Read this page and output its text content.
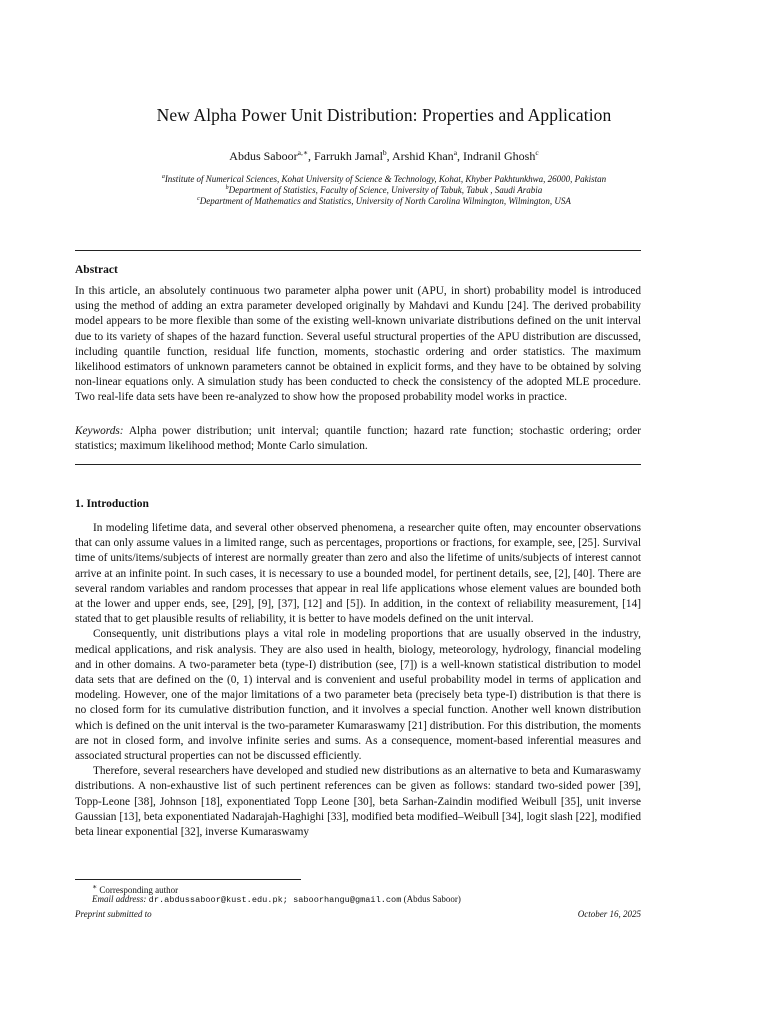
New Alpha Power Unit Distribution: Properties and Application
Abdus Saboor$^{a,∗}$, Farrukh Jamal$^b$, Arshid Khan$^a$, Indranil Ghosh$^c$
$^a$Institute of Numerical Sciences, Kohat University of Science & Technology, Kohat, Khyber Pakhtunkhwa, 26000, Pakistan
$^b$Department of Statistics, Faculty of Science, University of Tabuk, Tabuk , Saudi Arabia
$^c$Department of Mathematics and Statistics, University of North Carolina Wilmington, Wilmington, USA
Abstract
In this article, an absolutely continuous two parameter alpha power unit (APU, in short) probability model is introduced using the method of adding an extra parameter developed originally by Mahdavi and Kundu [24]. The derived probability model appears to be more flexible than some of the existing well-known univariate distributions defined on the unit interval due to its variety of shapes of the hazard function. Several useful structural properties of the APU distribution are discussed, including quantile function, residual life function, moments, stochastic ordering and order statistics. The maximum likelihood estimators of unknown parameters cannot be obtained in explicit forms, and they have to be obtained by solving non-linear equations only. A simulation study has been conducted to check the consistency of the adopted MLE procedure. Two real-life data sets have been re-analyzed to show how the proposed probability model works in practice.
Keywords: Alpha power distribution; unit interval; quantile function; hazard rate function; stochastic ordering; order statistics; maximum likelihood method; Monte Carlo simulation.
1. Introduction

In modeling lifetime data, and several other observed phenomena, a researcher quite often, may encounter observations that can only assume values in a limited range, such as percentages, proportions or fractions, for example, see, [25]. Survival time of units/items/subjects of interest are normally greater than zero and also the lifetime of units/subjects of interest cannot arrive at an infinite point. In such cases, it is necessary to use a bounded model, for pertinent details, see, [2], [40]. There are several random variables and random processes that appear in real life applications whose element values are bounded both at the lower and upper ends, see, [29], [9], [37], [12] and [5]). In addition, in the context of reliability measurement, [14] stated that to get plausible results of reliability, it is better to have models defined on the unit interval.

Consequently, unit distributions plays a vital role in modeling proportions that are usually observed in the industry, medical applications, and risk analysis. They are also used in health, biology, meteorology, hydrology, financial modeling and in other domains. A two-parameter beta (type-I) distribution (see, [7]) is a well-known statistical distribution to model data sets that are defined on the (0, 1) interval and is convenient and useful probability model in terms of application and modeling. However, one of the major limitations of a two parameter beta (precisely beta type-I) distribution is that there is no closed form for its cumulative distribution function, and it involves a special function. Another well known distribution which is defined on the unit interval is the two-parameter Kumaraswamy [21] distribution. For this distribution, the moments are not in closed form, and involve infinite series and sums. As a consequence, moment-based inferential measures and associated structural properties can not be discussed efficiently.

Therefore, several researchers have developed and studied new distributions as an alternative to beta and Kumaraswamy distributions. A non-exhaustive list of such pertinent references can be given as follows: standard two-sided power [39], Topp-Leone [38], Johnson [18], exponentiated Topp Leone [30], beta Sarhan-Zaindin modified Weibull [35], unit inverse Gaussian [13], beta exponentiated Nadarajah-Haghighi [33], modified beta modified–Weibull [34], logit slash [22], modified beta linear exponential [32], inverse Kumaraswamy

∗ Corresponding author
Email address: dr.abdussaboor@kust.edu.pk; saboorhangu@gmail.com (Abdus Saboor)
Preprint submitted to	October 16, 2025
